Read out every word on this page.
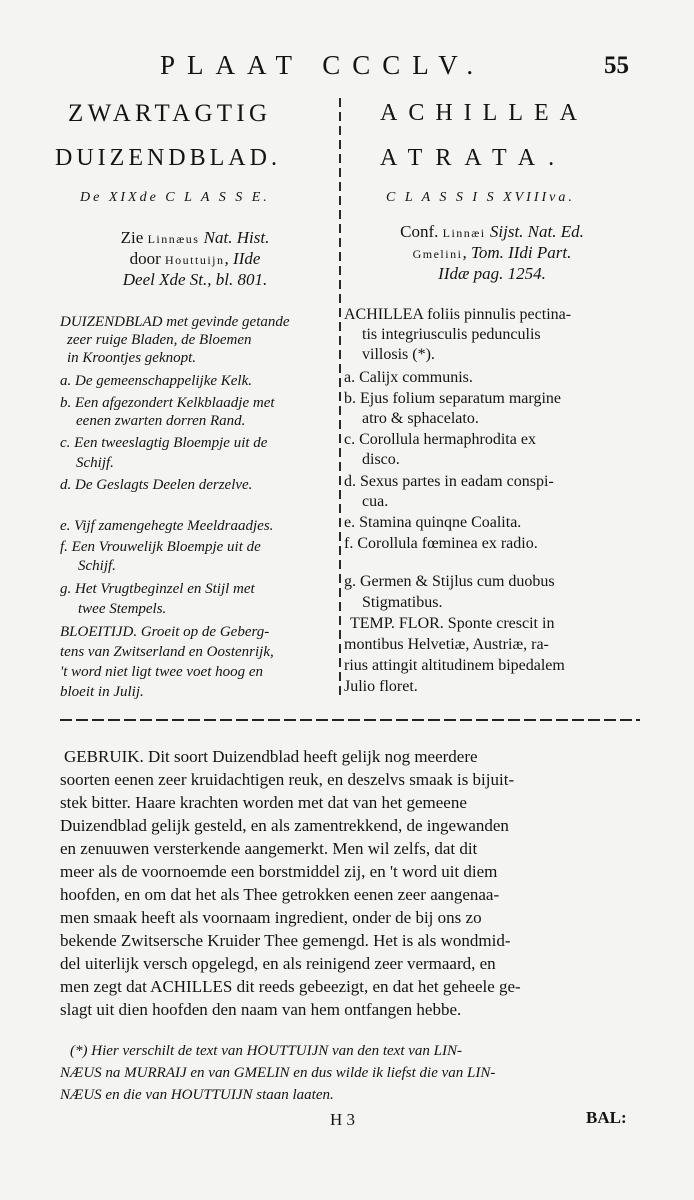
PLAAT CCCLV.	55
ZWARTAGTIG
DUIZENDBLAD.
ACHILLEA
ATRATA.
De XIXde C L A S S E.	C L A S S I S XVIIIva.
Zie Linnæus Nat. Hist.
door Houttuijn, IIde
Deel Xde St., bl. 801.
Conf. Linnæi Sijst. Nat. Ed.
Gmelini, Tom. IIdi Part.
IIdæ pag. 1254.
DUIZENDBLAD met gevinde getande
zeer ruige Bladen, de Bloemen
in Kroontjes geknopt.
a. De gemeenschappelijke Kelk.
b. Een afgezondert Kelkblaadje met
eenen zwarten dorren Rand.
c. Een tweeslagtig Bloempje uit de
Schijf.
d. De Geslagts Deelen derzelve.
e. Vijf zamengehegte Meeldraadjes.
f. Een Vrouwelijk Bloempje uit de
Schijf.
g. Het Vrugtbeginzel en Stijl met
twee Stempels.
BLOEITIJD. Groeit op de Geberg-
tens van Zwitserland en Oostenrijk,
't word niet ligt twee voet hoog en
bloeit in Julij.
ACHILLEA foliis pinnulis pectina-
tis integriusculis pedunculis
villosis (*).
a. Calijx communis.
b. Ejus folium separatum margine
atro & sphacelato.
c. Corollula hermaphrodita ex
disco.
d. Sexus partes in eadam conspi-
cua.
e. Stamina quinqne Coalita.
f. Corollula fœminea ex radio.
g. Germen & Stijlus cum duobus
Stigmatibus.
TEMP. FLOR. Sponte crescit in
montibus Helvetiæ, Austriæ, ra-
rius attingit altitudinem bipedalem
Julio floret.
GEBRUIK. Dit soort Duizendblad heeft gelijk nog meerdere
soorten eenen zeer kruidachtigen reuk, en deszelvs smaak is bijuit-
stek bitter. Haare krachten worden met dat van het gemeene
Duizendblad gelijk gesteld, en als zamentrekkend, de ingewanden
en zenuuwen versterkende aangemerkt. Men wil zelfs, dat dit
meer als de voornoemde een borstmiddel zij, en 't word uit diem
hoofden, en om dat het als Thee getrokken eenen zeer aangenaa-
men smaak heeft als voornaam ingredient, onder de bij ons zo
bekende Zwitsersche Kruider Thee gemengd. Het is als wondmid-
del uiterlijk versch opgelegd, en als reinigend zeer vermaard, en
men zegt dat ACHILLES dit reeds gebeezigt, en dat het geheele ge-
slagt uit dien hoofden den naam van hem ontfangen hebbe.
(*) Hier verschilt de text van HOUTTUIJN van den text van LIN-
NÆUS na MURRAIJ en van GMELIN en dus wilde ik liefst die van LIN-
NÆUS en die van HOUTTUIJN staan laaten.
H 3	BAL:
